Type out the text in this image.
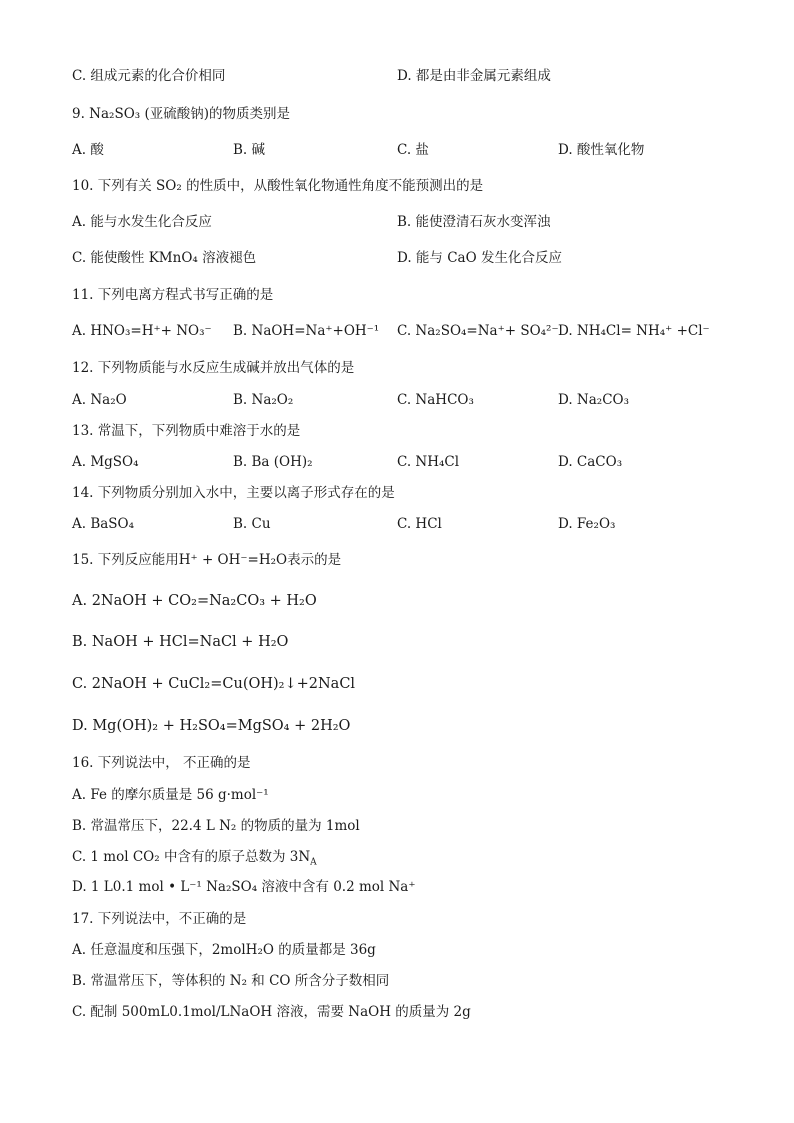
C. 组成元素的化合价相同	D. 都是由非金属元素组成
9. Na₂SO₃ (亚硫酸钠)的物质类别是
A. 酸	B. 碱	C. 盐	D. 酸性氧化物
10. 下列有关 SO₂ 的性质中，从酸性氧化物通性角度不能预测出的是
A. 能与水发生化合反应	B. 能使澄清石灰水变浑浊
C. 能使酸性 KMnO₄ 溶液褪色	D. 能与 CaO 发生化合反应
11. 下列电离方程式书写正确的是
A. HNO₃=H⁺+ NO₃⁻ B. NaOH=Na⁺+OH⁻¹ C. Na₂SO₄=Na⁺+ SO₄²⁻ D. NH₄Cl= NH₄⁺ +Cl⁻
12. 下列物质能与水反应生成碱并放出气体的是
A. Na₂O	B. Na₂O₂	C. NaHCO₃	D. Na₂CO₃
13. 常温下，下列物质中难溶于水的是
A. MgSO₄	B. Ba (OH)₂	C. NH₄Cl	D. CaCO₃
14. 下列物质分别加入水中，主要以离子形式存在的是
A. BaSO₄	B. Cu	C. HCl	D. Fe₂O₃
15. 下列反应能用H⁺ + OH⁻=H₂O表示的是
A. 2NaOH + CO₂=Na₂CO₃ + H₂O
B. NaOH + HCl=NaCl + H₂O
C. 2NaOH + CuCl₂=Cu(OH)₂↓+2NaCl
D. Mg(OH)₂ + H₂SO₄=MgSO₄ + 2H₂O
16. 下列说法中， 不正确的是
A. Fe 的摩尔质量是 56 g·mol⁻¹
B. 常温常压下，22.4 L N₂ 的物质的量为 1mol
C. 1 mol CO₂ 中含有的原子总数为 $3N_A$
D. 1 L0.1 mol • L⁻¹ Na₂SO₄ 溶液中含有 0.2 mol Na⁺
17. 下列说法中，不正确的是
A. 任意温度和压强下，2molH₂O 的质量都是 36g
B. 常温常压下，等体积的 N₂ 和 CO 所含分子数相同
C. 配制 500mL0.1mol/LNaOH 溶液，需要 NaOH 的质量为 2g
